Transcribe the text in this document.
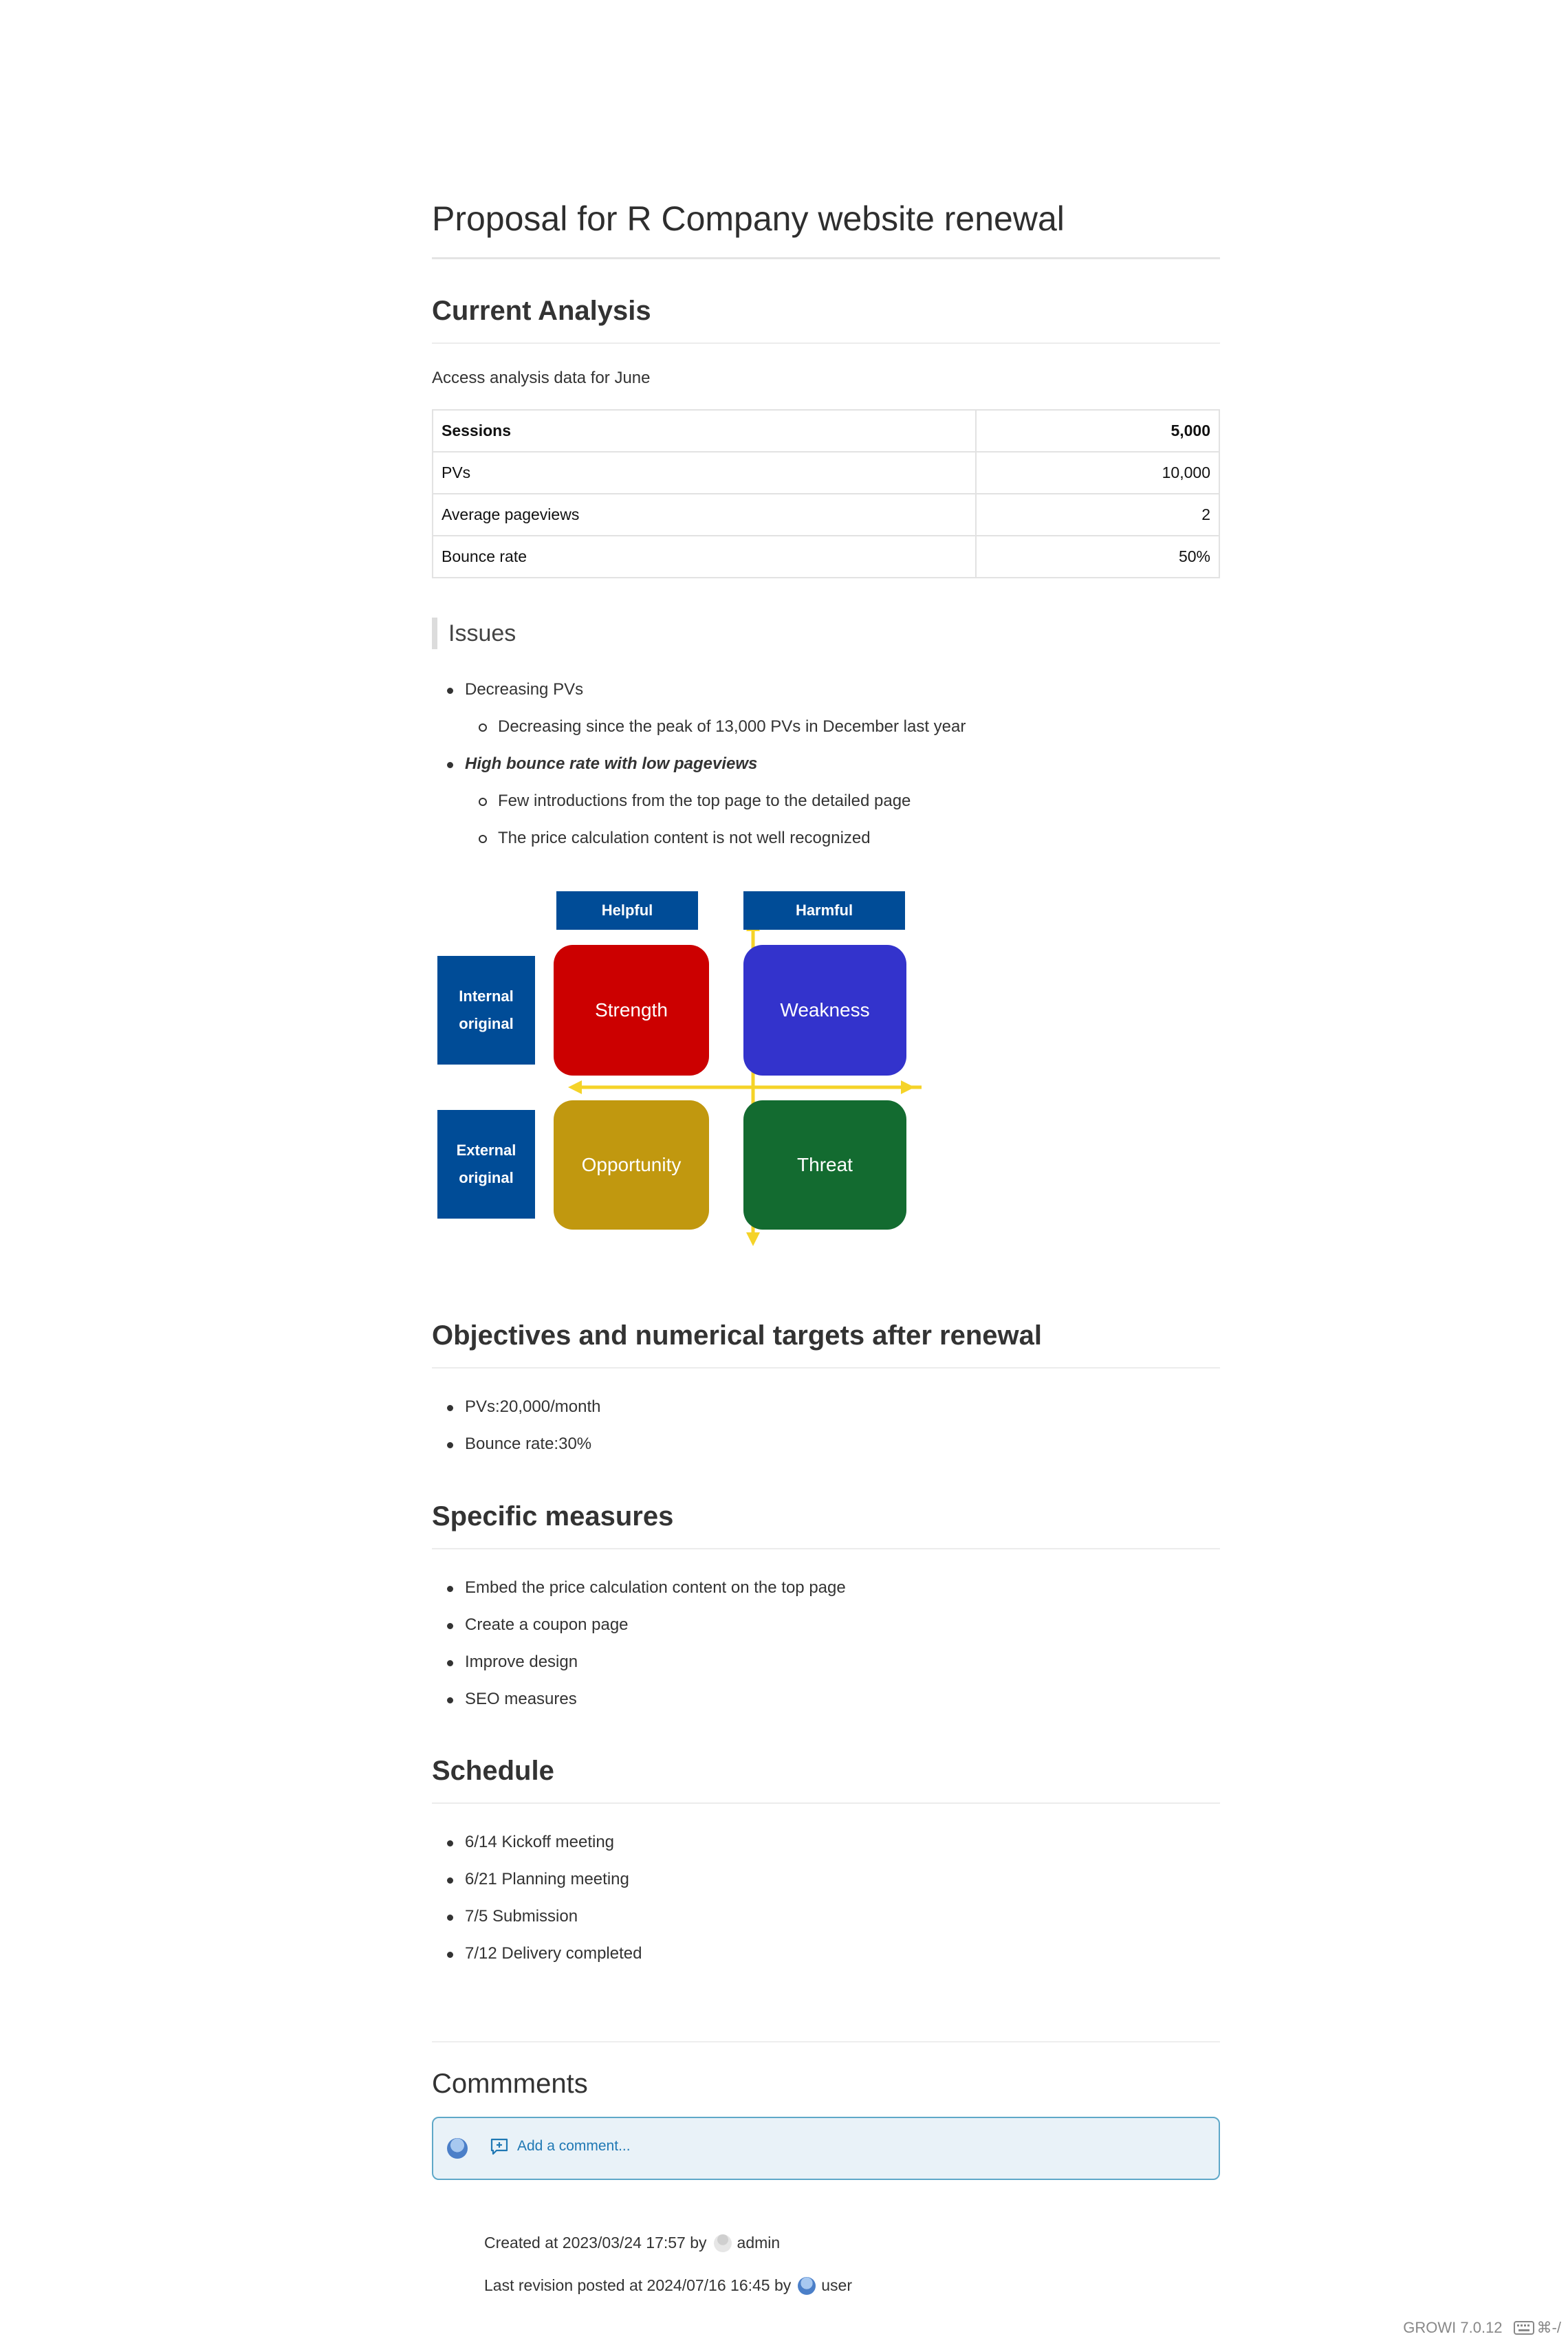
Proposal for R Company website renewal
Current Analysis
Access analysis data for June
Sessions	5,000
PVs	10,000
Average pageviews	2
Bounce rate	50%
Issues
Decreasing PVs
Decreasing since the peak of 13,000 PVs in December last year
High bounce rate with low pageviews
Few introductions from the top page to the detailed page
The price calculation content is not well recognized
Helpful	Harmful
Internal
original
External
original
Strength	Weakness
Opportunity	Threat
Objectives and numerical targets after renewal
PVs:20,000/month
Bounce rate:30%
Specific measures
Embed the price calculation content on the top page
Create a coupon page
Improve design
SEO measures
Schedule
6/14 Kickoff meeting
6/21 Planning meeting
7/5 Submission
7/12 Delivery completed
Commments
Add a comment...
Created at 2023/03/24 17:57 by admin
Last revision posted at 2024/07/16 16:45 by user
GROWI 7.0.12 ⌘-/
